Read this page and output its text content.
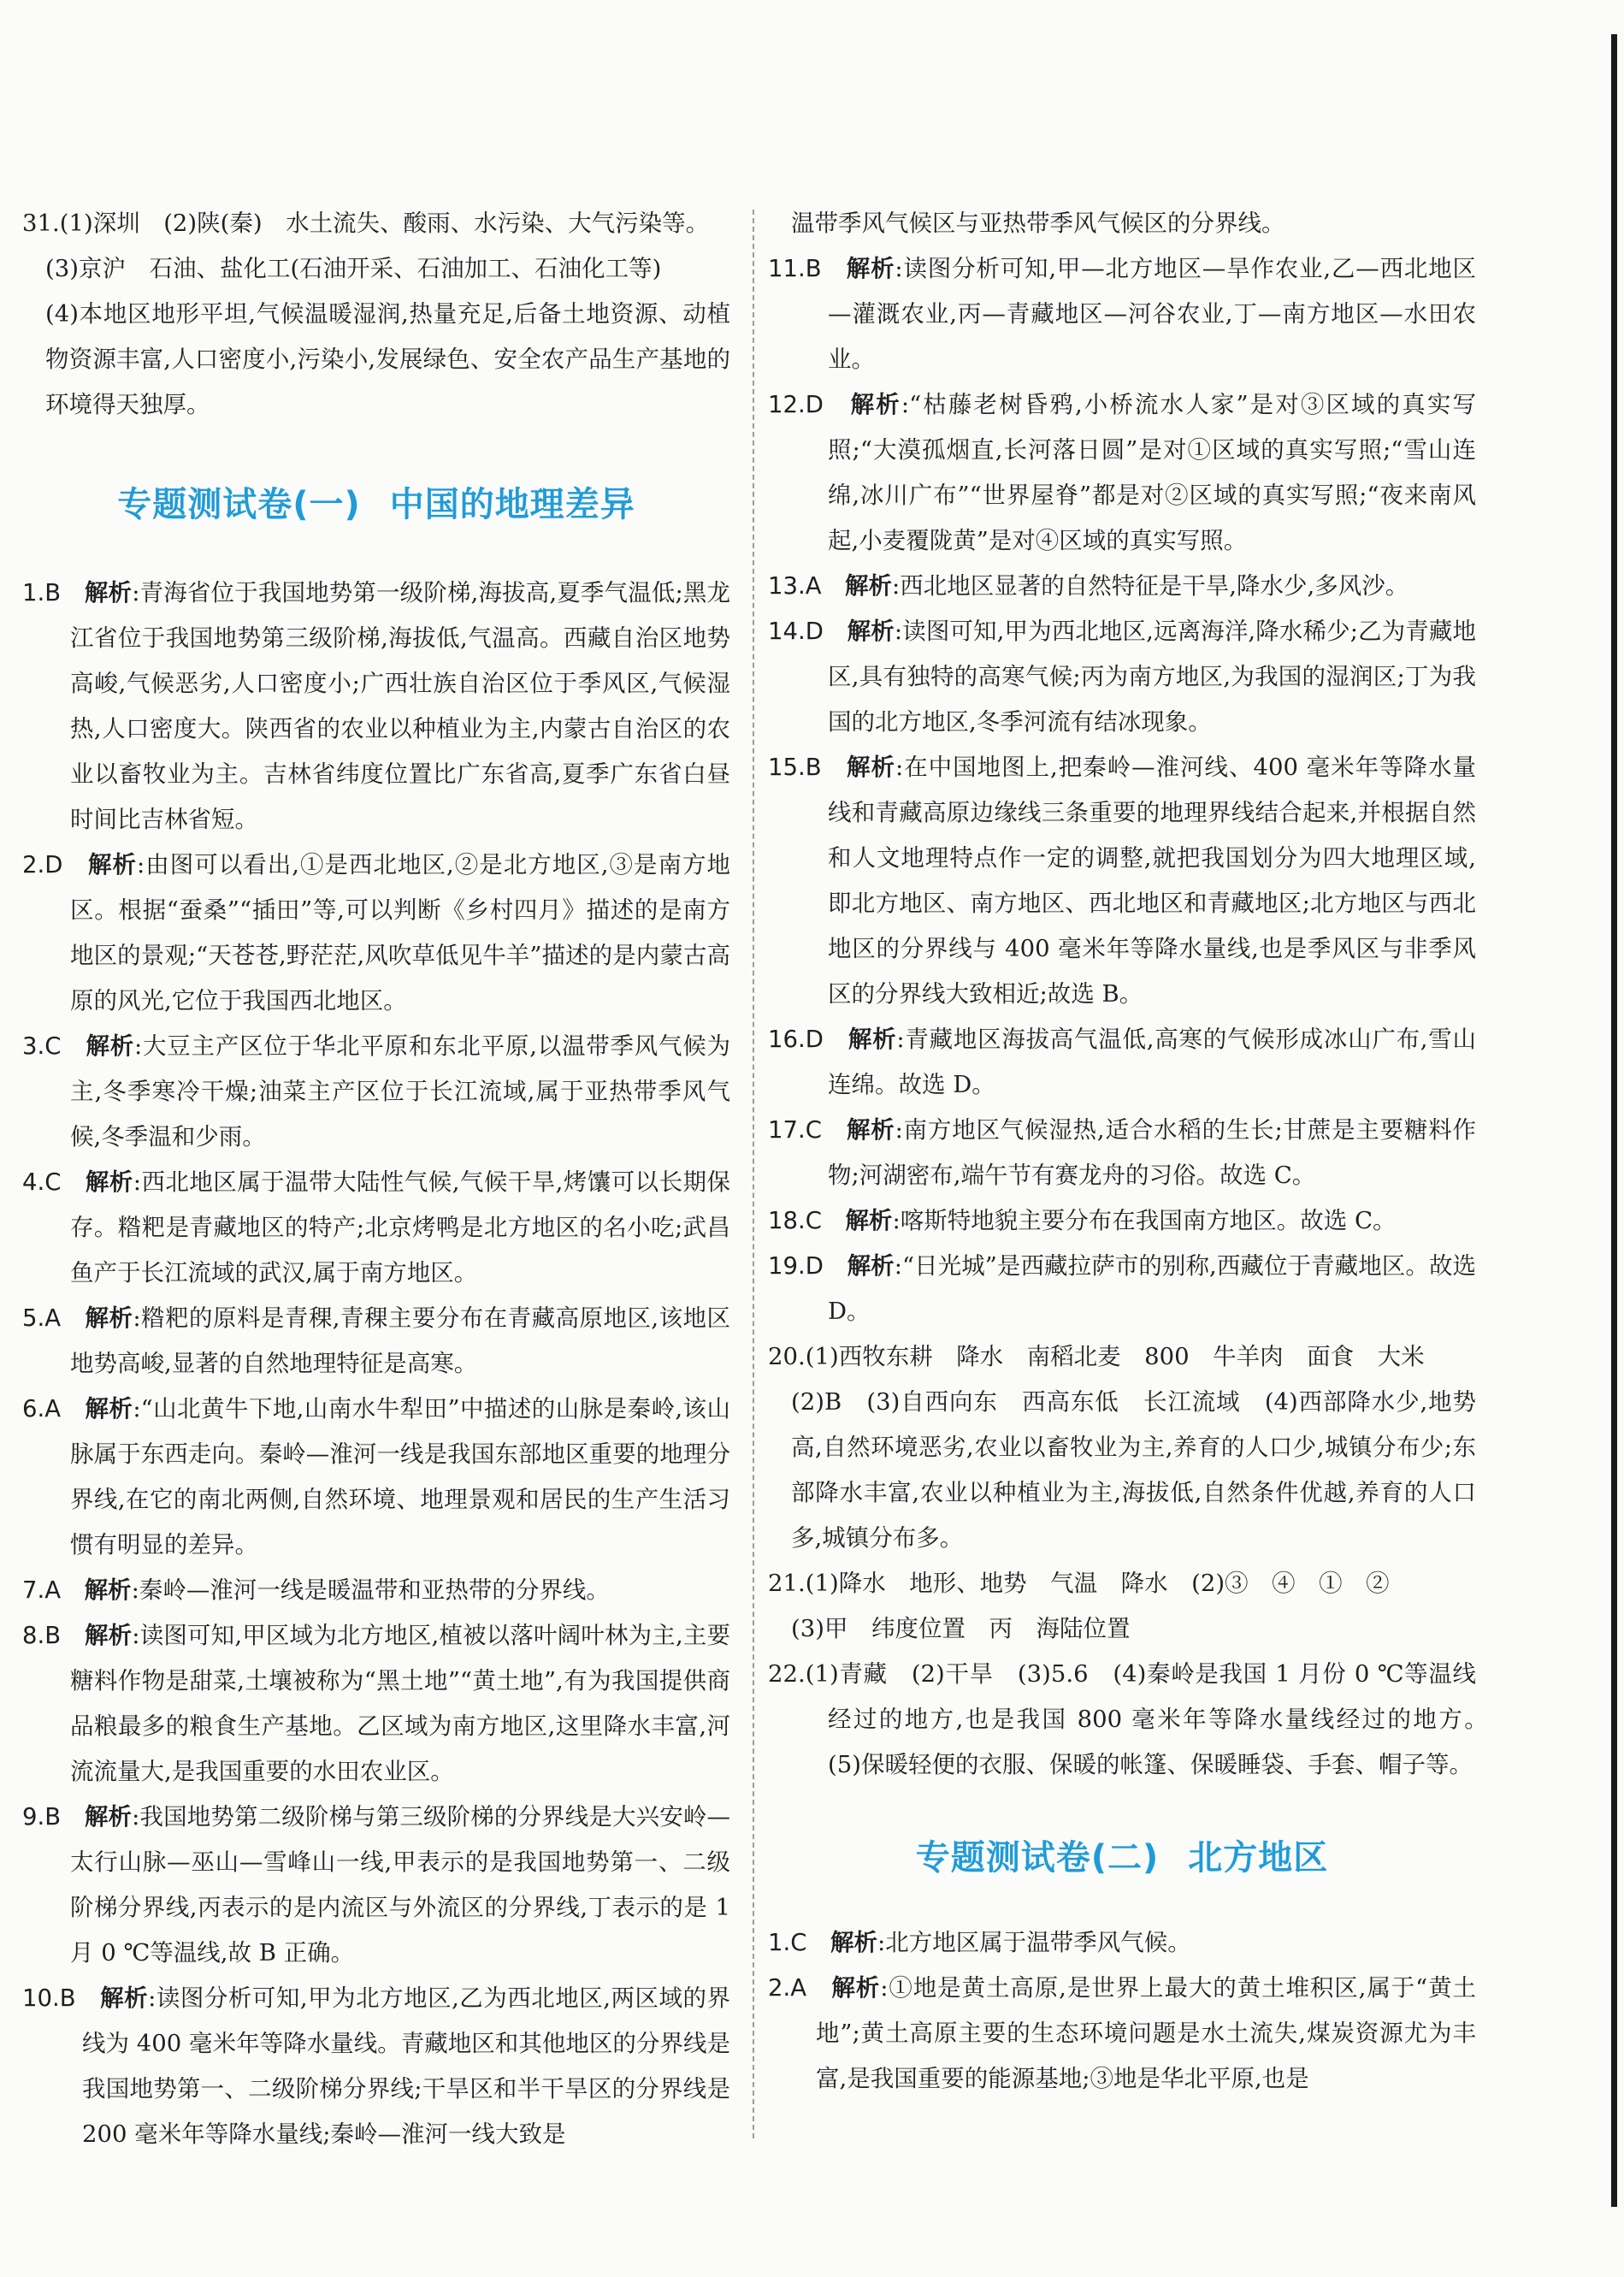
31.(1)深圳　(2)陕(秦)　水土流失、酸雨、水污染、大气污染等。

(3)京沪　石油、盐化工(石油开采、石油加工、石油化工等)

(4)本地区地形平坦,气候温暖湿润,热量充足,后备土地资源、动植物资源丰富,人口密度小,污染小,发展绿色、安全农产品生产基地的环境得天独厚。

专题测试卷(一) 中国的地理差异

1.B　 解析:青海省位于我国地势第一级阶梯,海拔高,夏季气温低;黑龙江省位于我国地势第三级阶梯,海拔低,气温高。西藏自治区地势高峻,气候恶劣,人口密度小;广西壮族自治区位于季风区,气候湿热,人口密度大。陕西省的农业以种植业为主,内蒙古自治区的农业以畜牧业为主。吉林省纬度位置比广东省高,夏季广东省白昼时间比吉林省短。

2.D　 解析:由图可以看出,①是西北地区,②是北方地区,③是南方地区。根据“蚕桑”“插田”等,可以判断《乡村四月》描述的是南方地区的景观;“天苍苍,野茫茫,风吹草低见牛羊”描述的是内蒙古高原的风光,它位于我国西北地区。

3.C　 解析:大豆主产区位于华北平原和东北平原,以温带季风气候为主,冬季寒冷干燥;油菜主产区位于长江流域,属于亚热带季风气候,冬季温和少雨。

4.C　 解析:西北地区属于温带大陆性气候,气候干旱,烤馕可以长期保存。糌粑是青藏地区的特产;北京烤鸭是北方地区的名小吃;武昌鱼产于长江流域的武汉,属于南方地区。

5.A　 解析:糌粑的原料是青稞,青稞主要分布在青藏高原地区,该地区地势高峻,显著的自然地理特征是高寒。

6.A　 解析:“山北黄牛下地,山南水牛犁田”中描述的山脉是秦岭,该山脉属于东西走向。秦岭—淮河一线是我国东部地区重要的地理分界线,在它的南北两侧,自然环境、地理景观和居民的生产生活习惯有明显的差异。

7.A　 解析:秦岭—淮河一线是暖温带和亚热带的分界线。

8.B　 解析:读图可知,甲区域为北方地区,植被以落叶阔叶林为主,主要糖料作物是甜菜,土壤被称为“黑土地”“黄土地”,有为我国提供商品粮最多的粮食生产基地。乙区域为南方地区,这里降水丰富,河流流量大,是我国重要的水田农业区。

9.B　 解析:我国地势第二级阶梯与第三级阶梯的分界线是大兴安岭—太行山脉—巫山—雪峰山一线,甲表示的是我国地势第一、二级阶梯分界线,丙表示的是内流区与外流区的分界线,丁表示的是 1 月 0 ℃等温线,故 B 正确。

10.B　 解析:读图分析可知,甲为北方地区,乙为西北地区,两区域的界线为 400 毫米年等降水量线。青藏地区和其他地区的分界线是我国地势第一、二级阶梯分界线;干旱区和半干旱区的分界线是 200 毫米年等降水量线;秦岭—淮河一线大致是

温带季风气候区与亚热带季风气候区的分界线。

11.B　 解析:读图分析可知,甲—北方地区—旱作农业,乙—西北地区—灌溉农业,丙—青藏地区—河谷农业,丁—南方地区—水田农业。

12.D　 解析:“枯藤老树昏鸦,小桥流水人家”是对③区域的真实写照;“大漠孤烟直,长河落日圆”是对①区域的真实写照;“雪山连绵,冰川广布”“世界屋脊”都是对②区域的真实写照;“夜来南风起,小麦覆陇黄”是对④区域的真实写照。

13.A　 解析:西北地区显著的自然特征是干旱,降水少,多风沙。

14.D　 解析:读图可知,甲为西北地区,远离海洋,降水稀少;乙为青藏地区,具有独特的高寒气候;丙为南方地区,为我国的湿润区;丁为我国的北方地区,冬季河流有结冰现象。

15.B　 解析:在中国地图上,把秦岭—淮河线、400 毫米年等降水量线和青藏高原边缘线三条重要的地理界线结合起来,并根据自然和人文地理特点作一定的调整,就把我国划分为四大地理区域,即北方地区、南方地区、西北地区和青藏地区;北方地区与西北地区的分界线与 400 毫米年等降水量线,也是季风区与非季风区的分界线大致相近;故选 B。

16.D　 解析:青藏地区海拔高气温低,高寒的气候形成冰山广布,雪山连绵。故选 D。

17.C　 解析:南方地区气候湿热,适合水稻的生长;甘蔗是主要糖料作物;河湖密布,端午节有赛龙舟的习俗。故选 C。

18.C　 解析:喀斯特地貌主要分布在我国南方地区。故选 C。

19.D　 解析:“日光城”是西藏拉萨市的别称,西藏位于青藏地区。故选 D。

20.(1)西牧东耕　降水　南稻北麦　800　牛羊肉　面食　大米

(2)B　(3)自西向东　西高东低　长江流域　(4)西部降水少,地势高,自然环境恶劣,农业以畜牧业为主,养育的人口少,城镇分布少;东部降水丰富,农业以种植业为主,海拔低,自然条件优越,养育的人口多,城镇分布多。

21.(1)降水　地形、地势　气温　降水　(2)③　④　①　②

(3)甲　纬度位置　丙　海陆位置

22.(1)青藏　(2)干旱　(3)5.6　(4)秦岭是我国 1 月份 0 ℃等温线经过的地方,也是我国 800 毫米年等降水量线经过的地方。　(5)保暖轻便的衣服、保暖的帐篷、保暖睡袋、手套、帽子等。

专题测试卷(二) 北方地区

1.C　 解析:北方地区属于温带季风气候。

2.A　 解析:①地是黄土高原,是世界上最大的黄土堆积区,属于“黄土地”;黄土高原主要的生态环境问题是水土流失,煤炭资源尤为丰富,是我国重要的能源基地;③地是华北平原,也是
